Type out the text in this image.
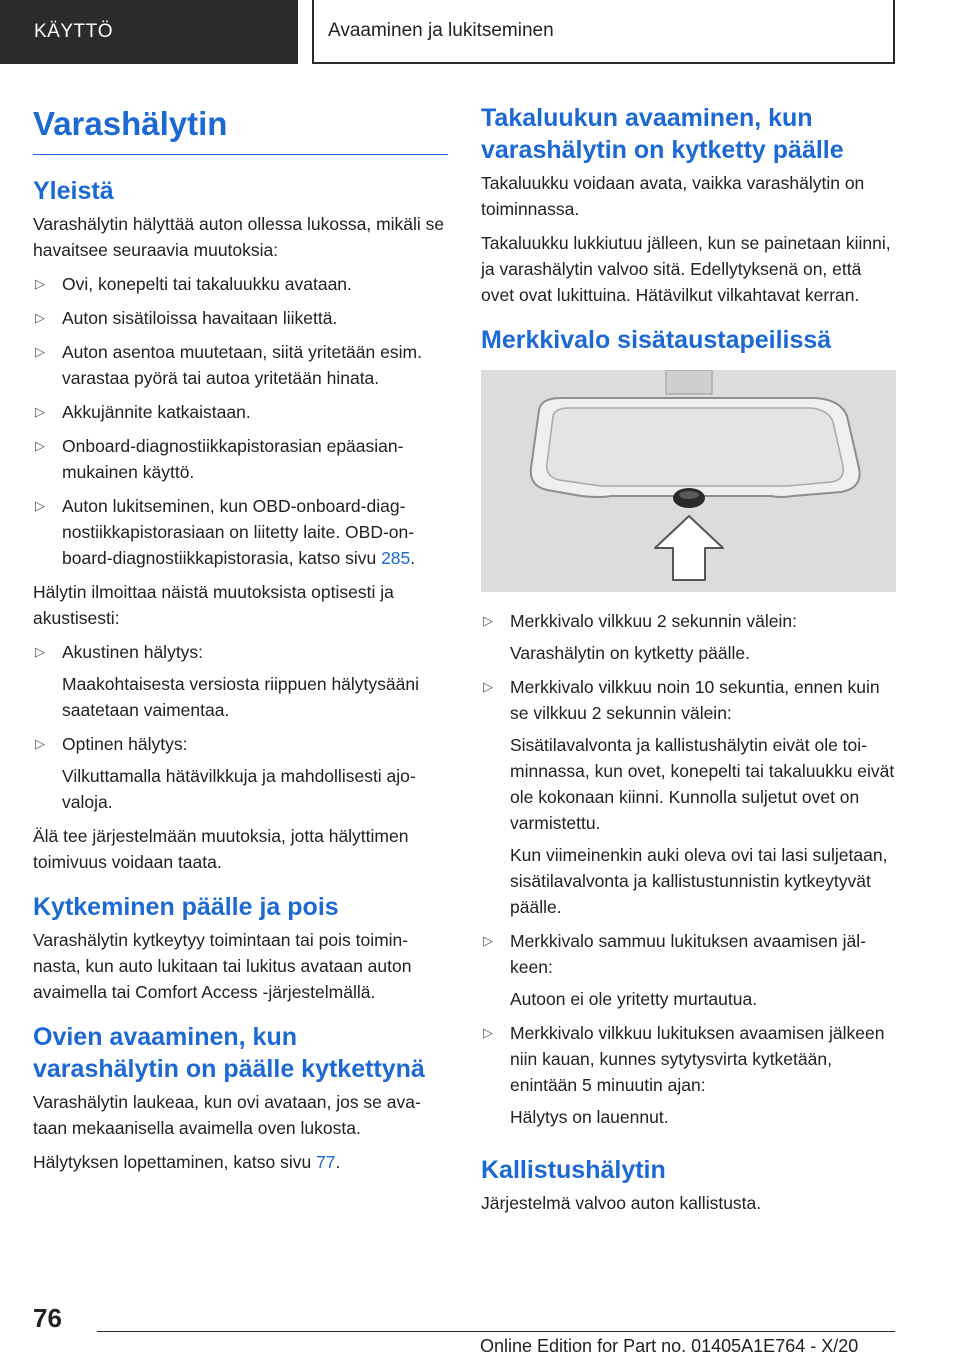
KÄYTTÖ	Avaaminen ja lukitseminen
Varashälytin
Yleistä

Varashälytin hälyttää auton ollessa lukossa, mikäli se havaitsee seuraavia muutoksia:

▷ Ovi, konepelti tai takaluukku avataan.
▷ Auton sisätiloissa havaitaan liikettä.
▷ Auton asentoa muutetaan, siitä yritetään esim. varastaa pyörä tai autoa yritetään hinata.
▷ Akkujännite katkaistaan.
▷ Onboard-diagnostiikkapistorasian epäasianmukainen käyttö.
▷ Auton lukitseminen, kun OBD-onboard-diagnostiikkapistorasiaan on liitetty laite. OBD-onboard-diagnostiikkapistorasia, katso sivu 285.

Hälytin ilmoittaa näistä muutoksista optisesti ja akustisesti:

▷ Akustinen hälytys:
Maakohtaisesta versiosta riippuen hälytysääni saatetaan vaimentaa.
▷ Optinen hälytys:
Vilkuttamalla hätävilkkuja ja mahdollisesti ajovaloja.

Älä tee järjestelmään muutoksia, jotta hälyttimen toimivuus voidaan taata.

Kytkeminen päälle ja pois

Varashälytin kytkeytyy toimintaan tai pois toiminnasta, kun auto lukitaan tai lukitus avataan auton avaimella tai Comfort Access -järjestelmällä.

Ovien avaaminen, kun varashälytin on päälle kytkettynä

Varashälytin laukeaa, kun ovi avataan, jos se avataan mekaanisella avaimella oven lukosta.

Hälytyksen lopettaminen, katso sivu 77.

Takaluukun avaaminen, kun varashälytin on kytketty päälle

Takaluukku voidaan avata, vaikka varashälytin on toiminnassa.

Takaluukku lukkiutuu jälleen, kun se painetaan kiinni, ja varashälytin valvoo sitä. Edellytyksenä on, että ovet ovat lukittuina. Hätävilkut vilkahtavat kerran.

Merkkivalo sisätaustapeilissä
▷ Merkkivalo vilkkuu 2 sekunnin välein:
Varashälytin on kytketty päälle.
▷ Merkkivalo vilkkuu noin 10 sekuntia, ennen kuin se vilkkuu 2 sekunnin välein:
Sisätilavalvonta ja kallistushälytin eivät ole toiminnassa, kun ovet, konepelti tai takaluukku eivät ole kokonaan kiinni. Kunnolla suljetut ovet on varmistettu.
Kun viimeinenkin auki oleva ovi tai lasi suljetaan, sisätilavalvonta ja kallistustunnistin kytkeytyvät päälle.
▷ Merkkivalo sammuu lukituksen avaamisen jälkeen:
Autoon ei ole yritetty murtautua.
▷ Merkkivalo vilkkuu lukituksen avaamisen jälkeen niin kauan, kunnes sytytysvirta kytketään, enintään 5 minuutin ajan:
Hälytys on lauennut.
Kallistushälytin

Järjestelmä valvoo auton kallistusta.

76
Online Edition for Part no. 01405A1E764 - X/20
